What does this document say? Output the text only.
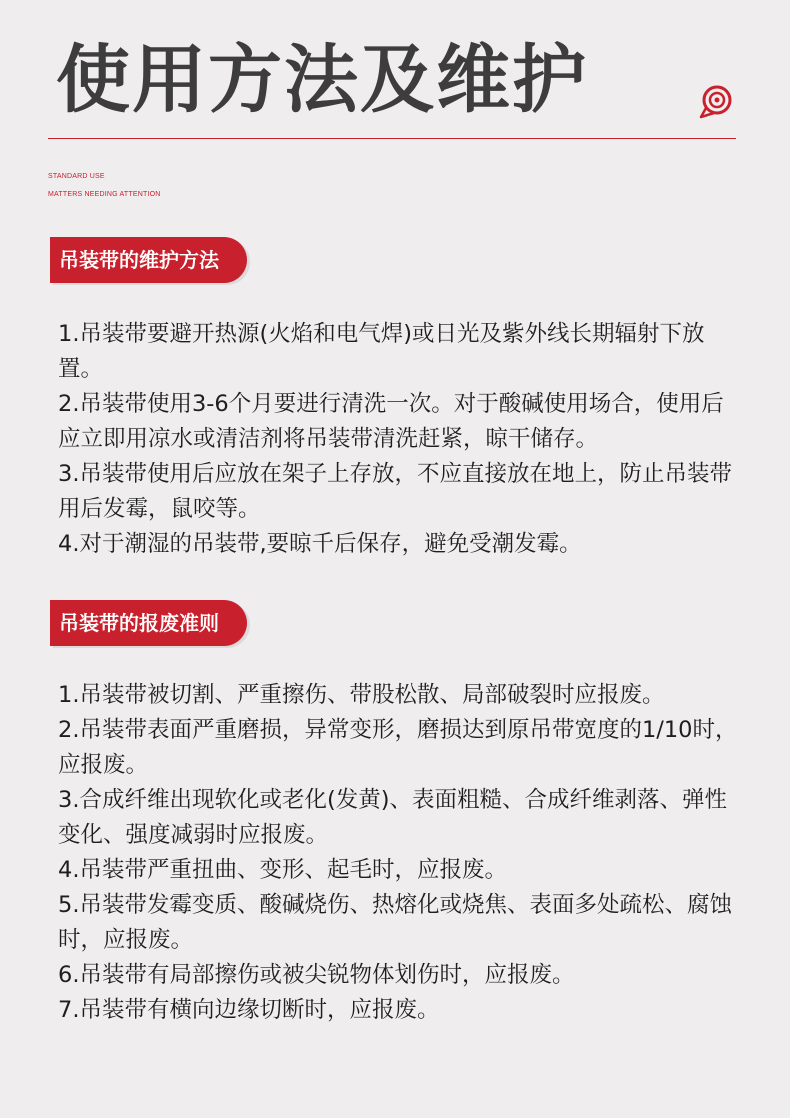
使用方法及维护
STANDARD USE
MATTERS NEEDING ATTENTION
吊装带的维护方法
1.吊装带要避开热源(火焰和电气焊)或日光及紫外线长期辐射下放置。
2.吊装带使用3-6个月要进行清洗一次。对于酸碱使用场合，使用后应立即用凉水或清洁剂将吊装带清洗赶紧，晾干储存。
3.吊装带使用后应放在架子上存放，不应直接放在地上，防止吊装带用后发霉，鼠咬等。
4.对于潮湿的吊装带,要晾千后保存，避免受潮发霉。
吊装带的报废准则
1.吊装带被切割、严重擦伤、带股松散、局部破裂时应报废。
2.吊装带表面严重磨损，异常变形，磨损达到原吊带宽度的1/10时，应报废。
3.合成纤维出现软化或老化(发黄)、表面粗糙、合成纤维剥落、弹性变化、强度减弱时应报废。
4.吊装带严重扭曲、变形、起毛时，应报废。
5.吊装带发霉变质、酸碱烧伤、热熔化或烧焦、表面多处疏松、腐蚀时，应报废。
6.吊装带有局部擦伤或被尖锐物体划伤时，应报废。
7.吊装带有横向边缘切断时，应报废。
